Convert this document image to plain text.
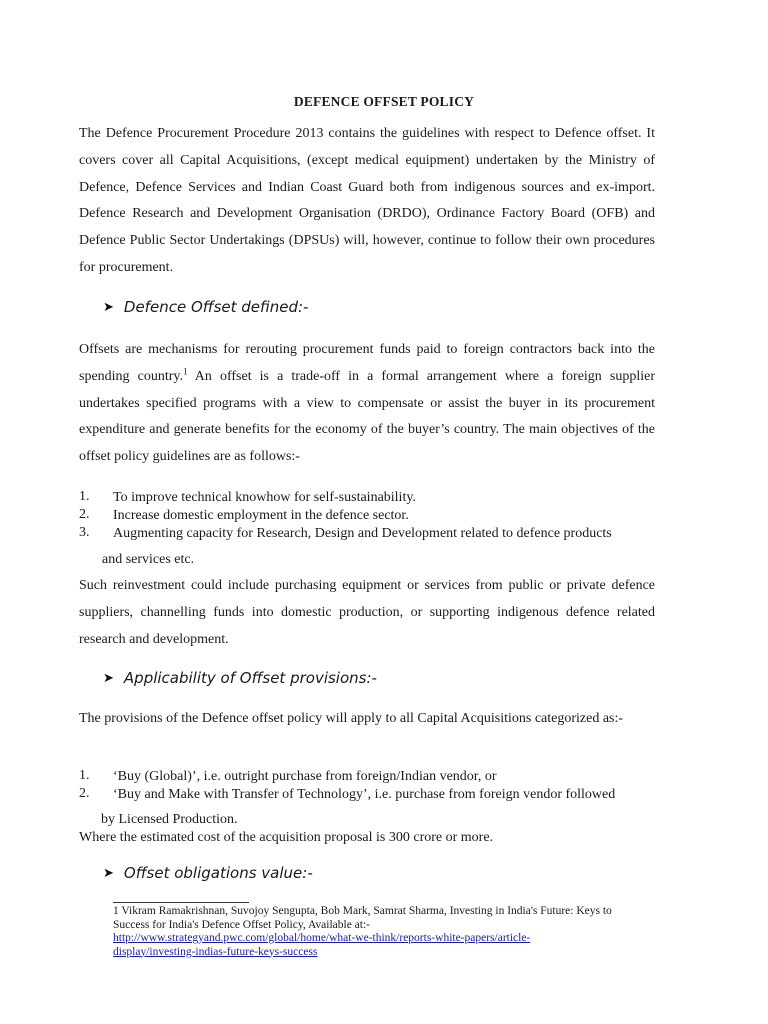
DEFENCE OFFSET POLICY

The Defence Procurement Procedure 2013 contains the guidelines with respect to Defence offset. It covers cover all Capital Acquisitions, (except medical equipment) undertaken by the Ministry of Defence, Defence Services and Indian Coast Guard both from indigenous sources and ex-import. Defence Research and Development Organisation (DRDO), Ordinance Factory Board (OFB) and Defence Public Sector Undertakings (DPSUs) will, however, continue to follow their own procedures for procurement.

➤ Defence Offset defined:-

Offsets are mechanisms for rerouting procurement funds paid to foreign contractors back into the spending country.$^1$ An offset is a trade-off in a formal arrangement where a foreign supplier undertakes specified programs with a view to compensate or assist the buyer in its procurement expenditure and generate benefits for the economy of the buyer’s country. The main objectives of the offset policy guidelines are as follows:-

1. To improve technical knowhow for self-sustainability.
2. Increase domestic employment in the defence sector.
3. Augmenting capacity for Research, Design and Development related to defence products
and services etc.

Such reinvestment could include purchasing equipment or services from public or private defence suppliers, channelling funds into domestic production, or supporting indigenous defence related research and development.

➤ Applicability of Offset provisions:-

The provisions of the Defence offset policy will apply to all Capital Acquisitions categorized as:-

1. ‘Buy (Global)’, i.e. outright purchase from foreign/Indian vendor, or
2. ‘Buy and Make with Transfer of Technology’, i.e. purchase from foreign vendor followed
by Licensed Production.
Where the estimated cost of the acquisition proposal is 300 crore or more.
➤ Offset obligations value:-
1 Vikram Ramakrishnan, Suvojoy Sengupta, Bob Mark, Samrat Sharma, Investing in India's Future: Keys to Success for India's Defence Offset Policy, Available at:-
http://www.strategyand.pwc.com/global/home/what-we-think/reports-white-papers/article-
display/investing-indias-future-keys-success
